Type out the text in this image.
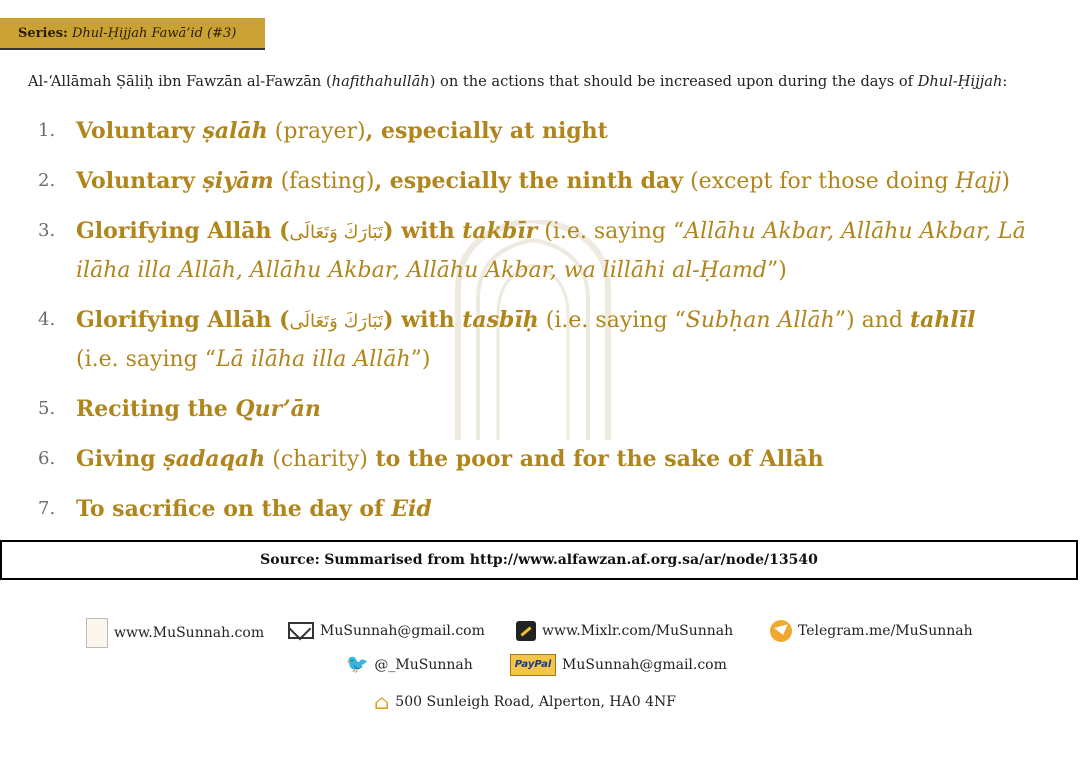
Series: Dhul-Ḥijjah Fawā’id (#3)
Al-‘Allāmah Ṣāliḥ ibn Fawzān al-Fawzān (hafithahullāh) on the actions that should be increased upon during the days of Dhul-Ḥijjah:
1. Voluntary ṣalāh (prayer), especially at night
2. Voluntary ṣiyām (fasting), especially the ninth day (except for those doing Ḥajj)
3. Glorifying Allāh (تَبَارَكَ وَتَعَالَى) with takbīr (i.e. saying “Allāhu Akbar, Allāhu Akbar, Lā ilāha illa Allāh, Allāhu Akbar, Allāhu Akbar, wa lillāhi al-Ḥamd”)
4. Glorifying Allāh (تَبَارَكَ وَتَعَالَى) with tasbīḥ (i.e. saying “Subḥan Allāh”) and tahlīl
(i.e. saying “Lā ilāha illa Allāh”)
5. Reciting the Qur’ān
6. Giving ṣadaqah (charity) to the poor and for the sake of Allāh
7. To sacrifice on the day of Eid
Source: Summarised from http://www.alfawzan.af.org.sa/ar/node/13540
www.MuSunnah.com	MuSunnah@gmail.com	www.Mixlr.com/MuSunnah	Telegram.me/MuSunnah
🐦 @_MuSunnah	PayPal MuSunnah@gmail.com
⌂ 500 Sunleigh Road, Alperton, HA0 4NF
